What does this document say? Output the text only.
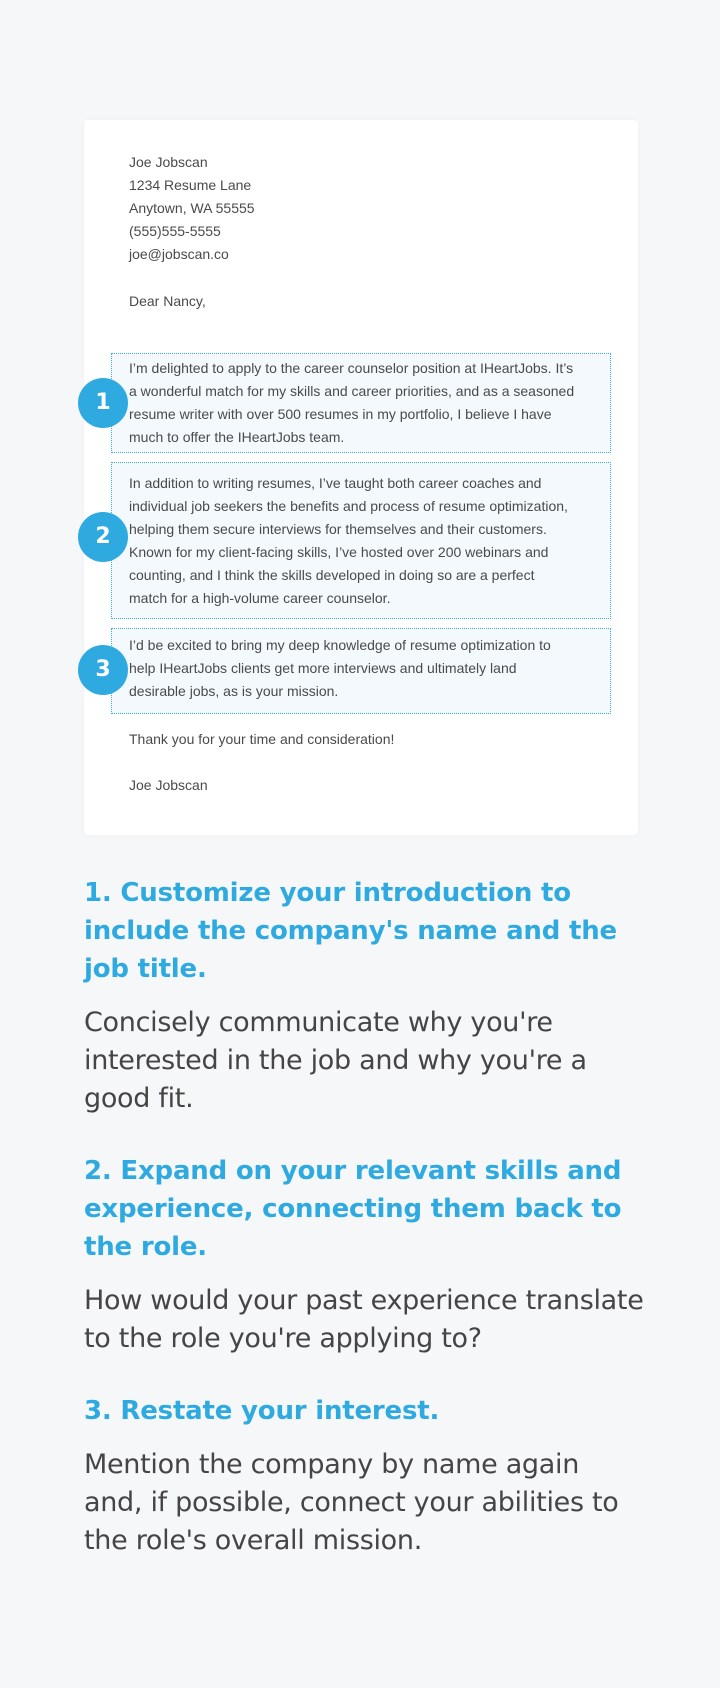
Joe Jobscan
1234 Resume Lane
Anytown, WA 55555
(555)555-5555
joe@jobscan.co
Dear Nancy,
I’m delighted to apply to the career counselor position at IHeartJobs. It’s
a wonderful match for my skills and career priorities, and as a seasoned
resume writer with over 500 resumes in my portfolio, I believe I have
much to offer the IHeartJobs team.
In addition to writing resumes, I’ve taught both career coaches and
individual job seekers the benefits and process of resume optimization,
helping them secure interviews for themselves and their customers.
Known for my client-facing skills, I’ve hosted over 200 webinars and
counting, and I think the skills developed in doing so are a perfect
match for a high-volume career counselor.
I’d be excited to bring my deep knowledge of resume optimization to
help IHeartJobs clients get more interviews and ultimately land
desirable jobs, as is your mission.
Thank you for your time and consideration!
Joe Jobscan
1
2
3
1. Customize your introduction to include the company's name and the job title.
Concisely communicate why you're interested in the job and why you're a good fit.
2. Expand on your relevant skills and experience, connecting them back to the role.
How would your past experience translate to the role you're applying to?
3. Restate your interest.
Mention the company by name again and, if possible, connect your abilities to the role's overall mission.
